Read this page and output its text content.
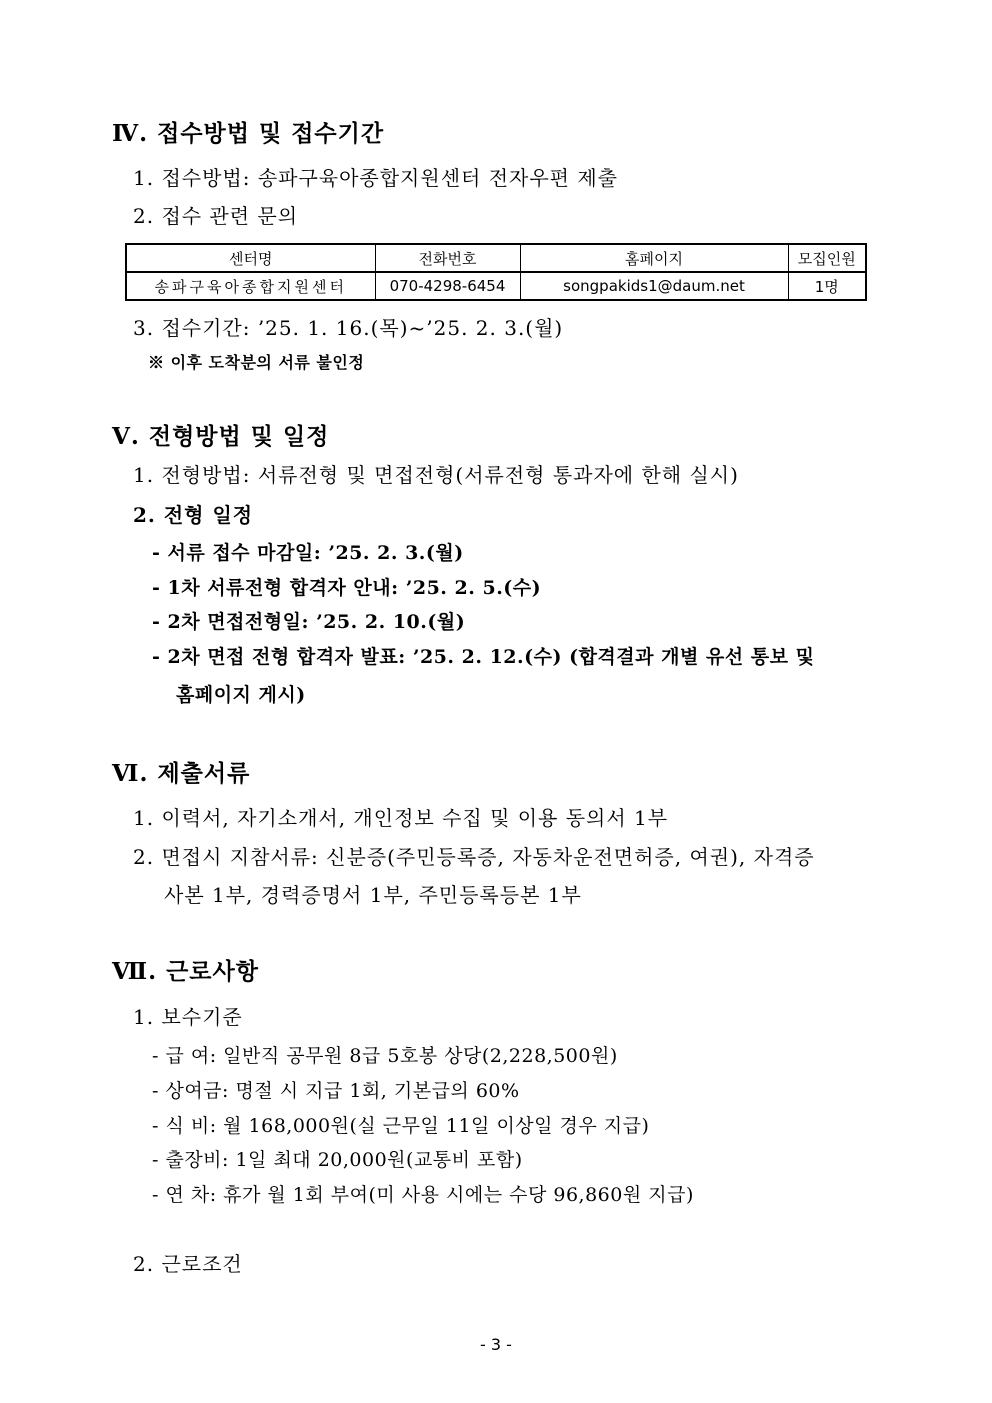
Ⅳ. 접수방법 및 접수기간
1. 접수방법: 송파구육아종합지원센터 전자우편 제출
2. 접수 관련 문의
센터명	전화번호	홈페이지	모집인원
송파구육아종합지원센터	070-4298-6454	songpakids1@daum.net	1명
3. 접수기간: ’25. 1. 16.(목)~’25. 2. 3.(월)
※ 이후 도착분의 서류 불인정
Ⅴ. 전형방법 및 일정
1. 전형방법: 서류전형 및 면접전형(서류전형 통과자에 한해 실시)
2. 전형 일정
- 서류 접수 마감일: ’25. 2. 3.(월)
- 1차 서류전형 합격자 안내: ’25. 2. 5.(수)
- 2차 면접전형일: ’25. 2. 10.(월)
- 2차 면접 전형 합격자 발표: ’25. 2. 12.(수) (합격결과 개별 유선 통보 및
홈페이지 게시)
Ⅵ. 제출서류
1. 이력서, 자기소개서, 개인정보 수집 및 이용 동의서 1부
2. 면접시 지참서류: 신분증(주민등록증, 자동차운전면허증, 여권), 자격증
사본 1부, 경력증명서 1부, 주민등록등본 1부
Ⅶ. 근로사항
1. 보수기준
- 급 여: 일반직 공무원 8급 5호봉 상당(2,228,500원)
- 상여금: 명절 시 지급 1회, 기본급의 60%
- 식 비: 월 168,000원(실 근무일 11일 이상일 경우 지급)
- 출장비: 1일 최대 20,000원(교통비 포함)
- 연 차: 휴가 월 1회 부여(미 사용 시에는 수당 96,860원 지급)
2. 근로조건
- 3 -
